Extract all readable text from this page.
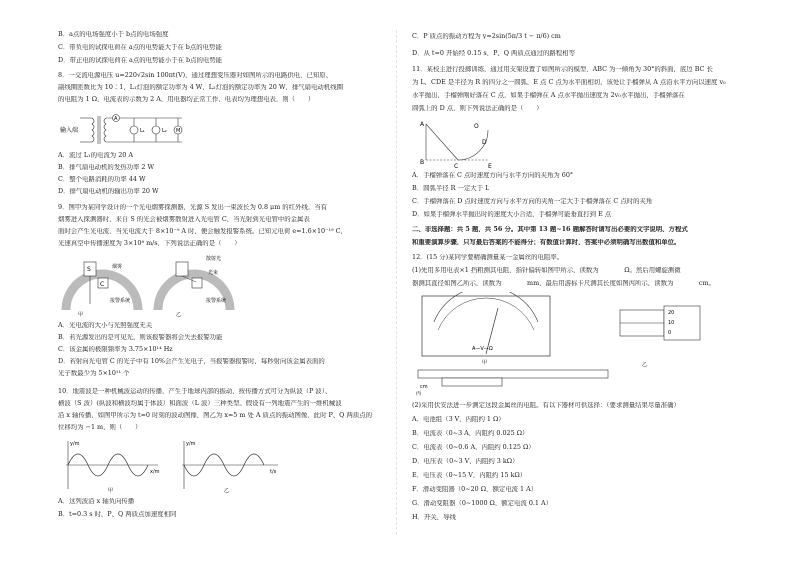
B．a点的电场强度小于 b点的电场强度
C．带负电的试探电荷在 a点的电势能大于在 b点的电势能
D．带正电的试探电荷在 a点的电势能小于在 b点的电势能
8．一交流电源电压 u=220√2sin 100πt(V)，通过理想变压器对如图所示的电路供电，已知原、
副线圈匝数比为 10∶1，L₁灯泡的额定功率为 4 W，L₂灯泡的额定功率为 20 W，排气扇电动机线圈
的电阻为 1 Ω，电流表的示数为 2 A，用电器均正常工作，电表均为理想电表，则（　　）
输入端
A
L₁	L₂ M
A．流过 L₁的电流为 20 A
B．排气扇电动机的发热功率 2 W
C．整个电路消耗的功率 44 W
D．排气扇电动机的输出功率 20 W
9．图甲为某同学设计的一个光电烟雾探测器，光源 S 发出一束波长为 0.8 μm 的红外线，当有
烟雾进入探测器时，来自 S 的光会被烟雾散射进入光电管 C，当光射到光电管中的金属表
面时会产生光电流，当光电流大于 8×10⁻⁹ A 时，便会触发报警系统。已知元电荷 e=1.6×10⁻¹⁹ C，
光速真空中传播速度为 3×10⁸ m/s，下列说法正确的是（　　）
S
C
烟雾
报警系统
甲
散射光
光束
报警系统
乙
A．光电流的大小与光照强度无关
B．若光源发出的是可见光，则该报警器将会失去报警功能
C．该金属的极限频率为 3.75×10¹⁴ Hz
D．若射向光电管 C 的光子中有 10%会产生光电子，当报警器报警时，每秒射向该金属表面的
光子数最少为 5×10¹¹ 个
10．地震波是一种机械波运动的传播，产生于地球内部的振动，按传播方式可分为纵波（P 波）、
横波（S 波）(纵波和横波均属于体波）和面波（L 波）三种类型。假设有一列地震产生的一维机械波
沿 x 轴传播，如图甲所示为 t=0 时刻的波动图像，图乙为 x=5 m 处 A 质点的振动图像，此时 P、Q 两质点的
位移均为 −1 m，则（　　）
y/m
x/m
甲
y/m
t/s
乙
A．这列波沿 x 轴负向传播
B．t=0.3 s 时，P、Q 两质点加速度相同
C．P 质点的振动方程为 y=2sin(5π/3 t − π/6) cm
D．从 t=0 开始经 0.15 s，P、Q 两质点通过的路程相等
11．某校主进行投掷训练，通过用支架设置了如图所示的模型，ABC 为一倾角为 30°的斜面，底边 BC 长
为 L，CDE 是半径为 R 的四分之一圆弧，E 点 C 点为水平面相切，该处让手榴弹从 A 点沿水平方向以速度 v₀
水平抛出，手榴弹刚好落在 C 点，如果手榴弹在 A 点水平抛出速度为 2v₀水平抛出，手榴弹落在
圆弧上的 D 点，则下列说法正确的是（　　）
A
B
C
D
E
O
A．手榴弹落在 C 点时速度方向与水平方向的夹角为 60°
B．圆弧半径 R 一定大于 L
C．手榴弹落在 D 点时速度方向与水平方向的夹角一定大于手榴弹落在 C 点时的夹角
D．如果手榴弹水平抛出时的速度大小合适，手榴弹可能垂直打到 E 点
二、非选择题：共 5 题，共 56 分。其中第 13 题~16 题解答时请写出必要的文字说明、方程式
和重要演算步骤，只写最后答案的不能得分；有数值计算时，答案中必须明确写出数值和单位。
12．(15 分)某同学要精确测量某一金属丝的电阻率。
(1)先用多用电表×1 挡粗测其电阻，指针偏转如图甲所示，读数为________Ω。然后用螺旋测微
器测其直径如图乙所示，读数为________mm，最后用游标卡尺测其长度如图丙所示，读数为________cm。
A—V—Ω
甲
cm
丙
20
10
0
乙
(2)采用伏安法进一步测定这段金属丝的电阻。有以下器材可供选择：（要求测量结果尽量准确）
A．电池组（3 V，内阻约 1 Ω）
B．电流表（0~3 A，内阻约 0.025 Ω）
C．电流表（0~0.6 A，内阻约 0.125 Ω）
D．电压表（0~3 V，内阻约 3 kΩ）
E．电压表（0~15 V，内阻约 15 kΩ）
F．滑动变阻器（0~20 Ω，额定电流 1 A）
G．滑动变阻器（0~1000 Ω，额定电流 0.1 A）
H．开关，导线
